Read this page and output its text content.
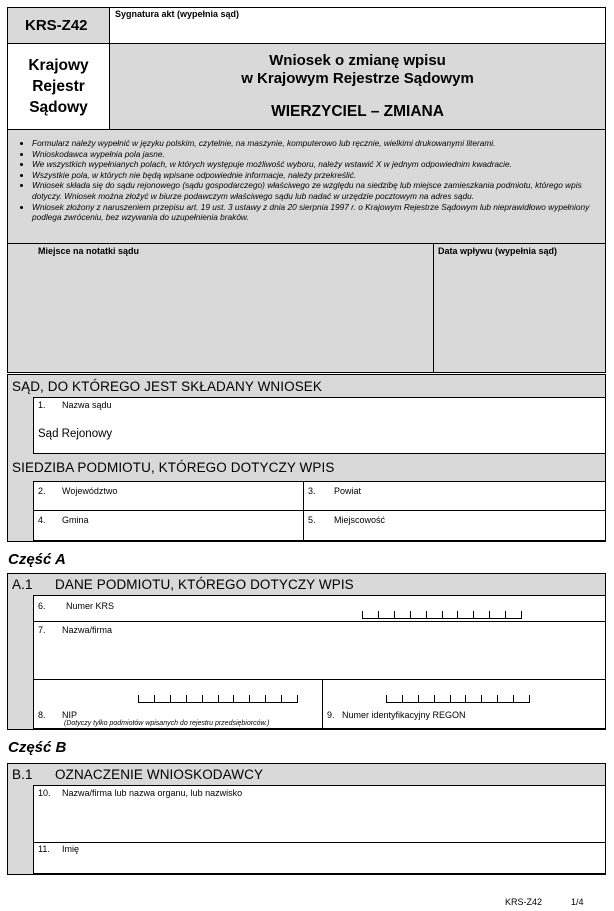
KRS-Z42
Sygnatura akt (wypełnia sąd)
Krajowy
Rejestr
Sądowy
Wniosek o zmianę wpisu
w Krajowym Rejestrze Sądowym
WIERZYCIEL – ZMIANA
• Formularz należy wypełnić w języku polskim, czytelnie, na maszynie, komputerowo lub ręcznie, wielkimi drukowanymi literami.
• Wnioskodawca wypełnia pola jasne.
• We wszystkich wypełnianych polach, w których występuje możliwość wyboru, należy wstawić X w jednym odpowiednim kwadracie.
• Wszystkie pola, w których nie będą wpisane odpowiednie informacje, należy przekreślić.
• Wniosek składa się do sądu rejonowego (sądu gospodarczego) właściwego ze względu na siedzibę lub miejsce zamieszkania podmiotu, którego wpis dotyczy. Wniosek można złożyć w biurze podawczym właściwego sądu lub nadać w urzędzie pocztowym na adres sądu.
• Wniosek złożony z naruszeniem przepisu art. 19 ust. 3 ustawy z dnia 20 sierpnia 1997 r. o Krajowym Rejestrze Sądowym lub nieprawidłowo wypełniony podlega zwróceniu, bez wzywania do uzupełnienia braków.
Miejsce na notatki sądu	Data wpływu (wypełnia sąd)
SĄD, DO KTÓREGO JEST SKŁADANY WNIOSEK
1. Nazwa sądu
Sąd Rejonowy
SIEDZIBA PODMIOTU, KTÓREGO DOTYCZY WPIS
2. Województwo	3. Powiat
4. Gmina	5. Miejscowość
Część A
A.1 DANE PODMIOTU, KTÓREGO DOTYCZY WPIS
6. Numer KRS
7. Nazwa/firma
8. NIP
(Dotyczy tylko podmiotów wpisanych do rejestru przedsiębiorców.)
9. Numer identyfikacyjny REGON
Część B
B.1 OZNACZENIE WNIOSKODAWCY
10. Nazwa/firma lub nazwa organu, lub nazwisko
11. Imię
KRS-Z42	1/4
